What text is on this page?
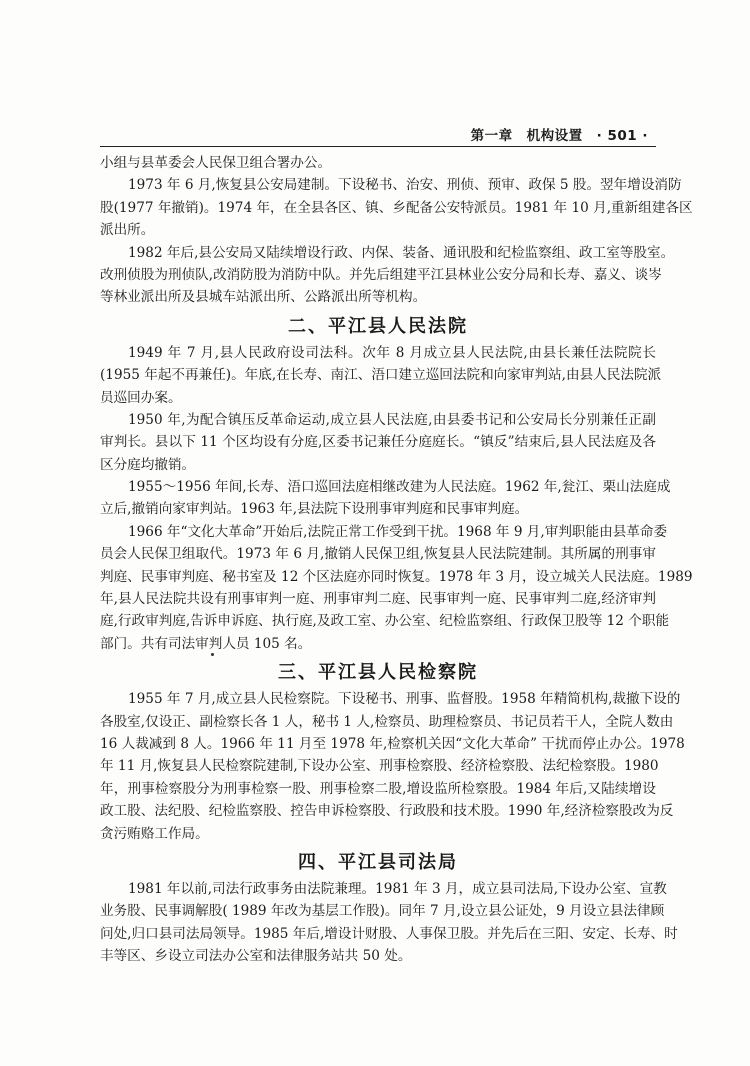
第一章 机构设置 · 501 ·
小组与县革委会人民保卫组合署办公。
1973 年 6 月,恢复县公安局建制。下设秘书、治安、刑侦、预审、政保 5 股。翌年增设消防
股(1977 年撤销)。1974 年，在全县各区、镇、乡配备公安特派员。1981 年 10 月,重新组建各区
派出所。
1982 年后,县公安局又陆续增设行政、内保、装备、通讯股和纪检监察组、政工室等股室。
改刑侦股为刑侦队,改消防股为消防中队。并先后组建平江县林业公安分局和长寿、嘉义、谈岑
等林业派出所及县城车站派出所、公路派出所等机构。
二、平江县人民法院
1949 年 7 月,县人民政府设司法科。次年 8 月成立县人民法院,由县长兼任法院院长
(1955 年起不再兼任)。年底,在长寿、南江、浯口建立巡回法院和向家审判站,由县人民法院派
员巡回办案。
1950 年,为配合镇压反革命运动,成立县人民法庭,由县委书记和公安局长分别兼任正副
审判长。县以下 11 个区均设有分庭,区委书记兼任分庭庭长。“镇反”结束后,县人民法庭及各
区分庭均撤销。
1955～1956 年间,长寿、浯口巡回法庭相继改建为人民法庭。1962 年,瓮江、栗山法庭成
立后,撤销向家审判站。1963 年,县法院下设刑事审判庭和民事审判庭。
1966 年“文化大革命”开始后,法院正常工作受到干扰。1968 年 9 月,审判职能由县革命委
员会人民保卫组取代。1973 年 6 月,撤销人民保卫组,恢复县人民法院建制。其所属的刑事审
判庭、民事审判庭、秘书室及 12 个区法庭亦同时恢复。1978 年 3 月，设立城关人民法庭。1989
年,县人民法院共设有刑事审判一庭、刑事审判二庭、民事审判一庭、民事审判二庭,经济审判
庭,行政审判庭,告诉申诉庭、执行庭,及政工室、办公室、纪检监察组、行政保卫股等 12 个职能
部门。共有司法审判人员 105 名。
三、平江县人民检察院
1955 年 7 月,成立县人民检察院。下设秘书、刑事、监督股。1958 年精简机构,裁撤下设的
各股室,仅设正、副检察长各 1 人，秘书 1 人,检察员、助理检察员、书记员若干人，全院人数由
16 人裁减到 8 人。1966 年 11 月至 1978 年,检察机关因“文化大革命” 干扰而停止办公。1978
年 11 月,恢复县人民检察院建制,下设办公室、刑事检察股、经济检察股、法纪检察股。1980
年，刑事检察股分为刑事检察一股、刑事检察二股,增设监所检察股。1984 年后,又陆续增设
政工股、法纪股、纪检监察股、控告申诉检察股、行政股和技术股。1990 年,经济检察股改为反
贪污贿赂工作局。
四、平江县司法局
1981 年以前,司法行政事务由法院兼理。1981 年 3 月，成立县司法局,下设办公室、宣教
业务股、民事调解股( 1989 年改为基层工作股)。同年 7 月,设立县公证处，9 月设立县法律顾
问处,归口县司法局领导。1985 年后,增设计财股、人事保卫股。并先后在三阳、安定、长寿、时
丰等区、乡设立司法办公室和法律服务站共 50 处。
